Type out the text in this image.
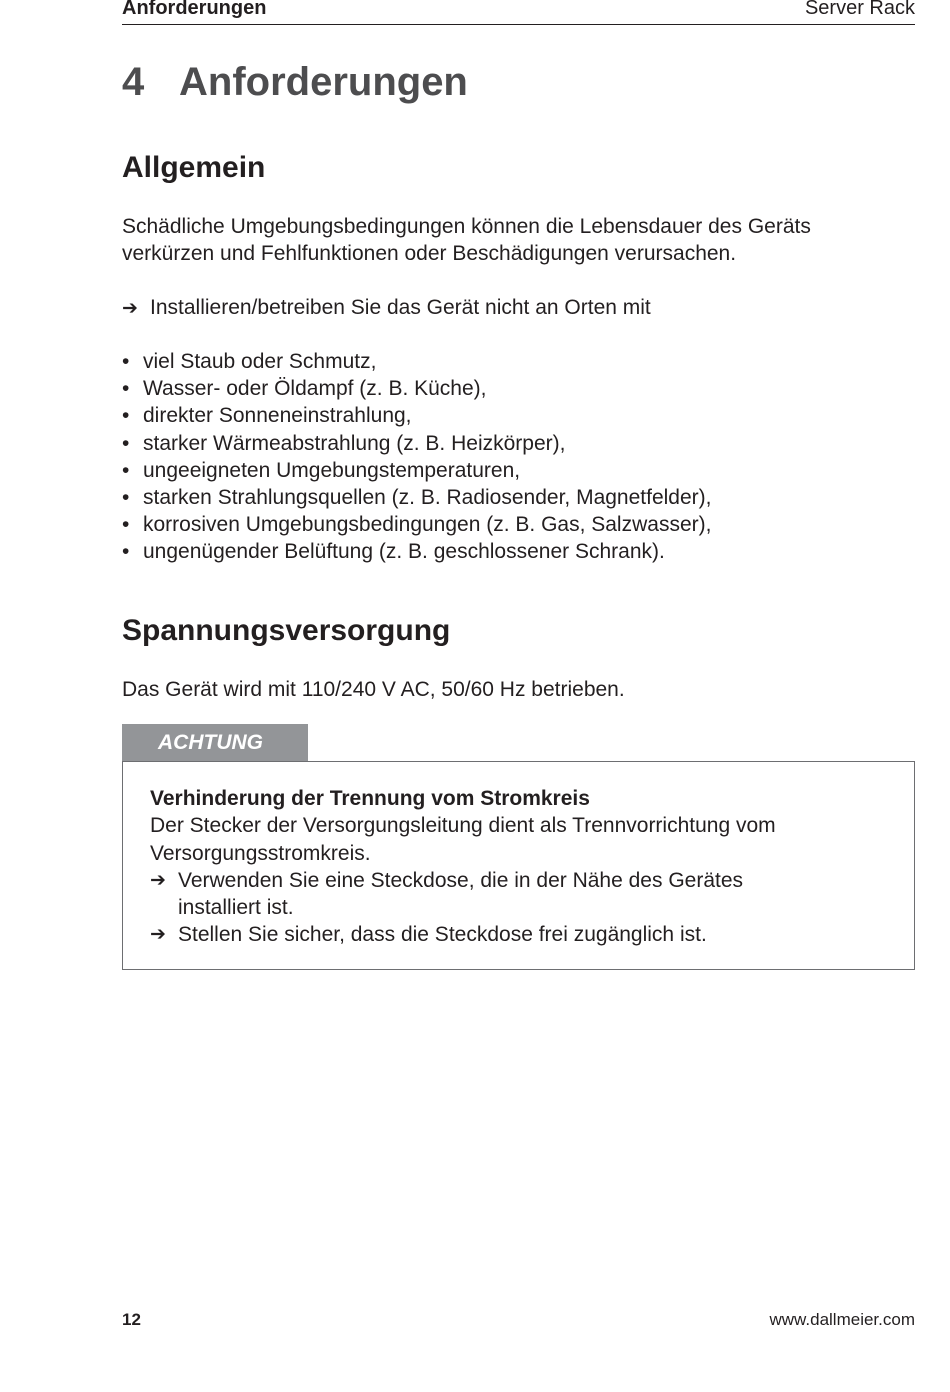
Anforderungen	Server Rack
4 Anforderungen
Allgemein

Schädliche Umgebungsbedingungen können die Lebensdauer des Geräts
verkürzen und Fehlfunktionen oder Beschädigungen verursachen.

➔ Installieren/betreiben Sie das Gerät nicht an Orten mit

• viel Staub oder Schmutz,
• Wasser- oder Öldampf (z. B. Küche),
• direkter Sonneneinstrahlung,
• starker Wärmeabstrahlung (z. B. Heizkörper),
• ungeeigneten Umgebungstemperaturen,
• starken Strahlungsquellen (z. B. Radiosender, Magnetfelder),
• korrosiven Umgebungsbedingungen (z. B. Gas, Salzwasser),
• ungenügender Belüftung (z. B. geschlossener Schrank).
Spannungsversorgung

Das Gerät wird mit 110/240 V AC, 50/60 Hz betrieben.

ACHTUNG
Verhinderung der Trennung vom Stromkreis
Der Stecker der Versorgungsleitung dient als Trennvorrichtung vom
Versorgungsstromkreis.
➔ Verwenden Sie eine Steckdose, die in der Nähe des Gerätes
installiert ist.
➔ Stellen Sie sicher, dass die Steckdose frei zugänglich ist.
12	www.dallmeier.com
